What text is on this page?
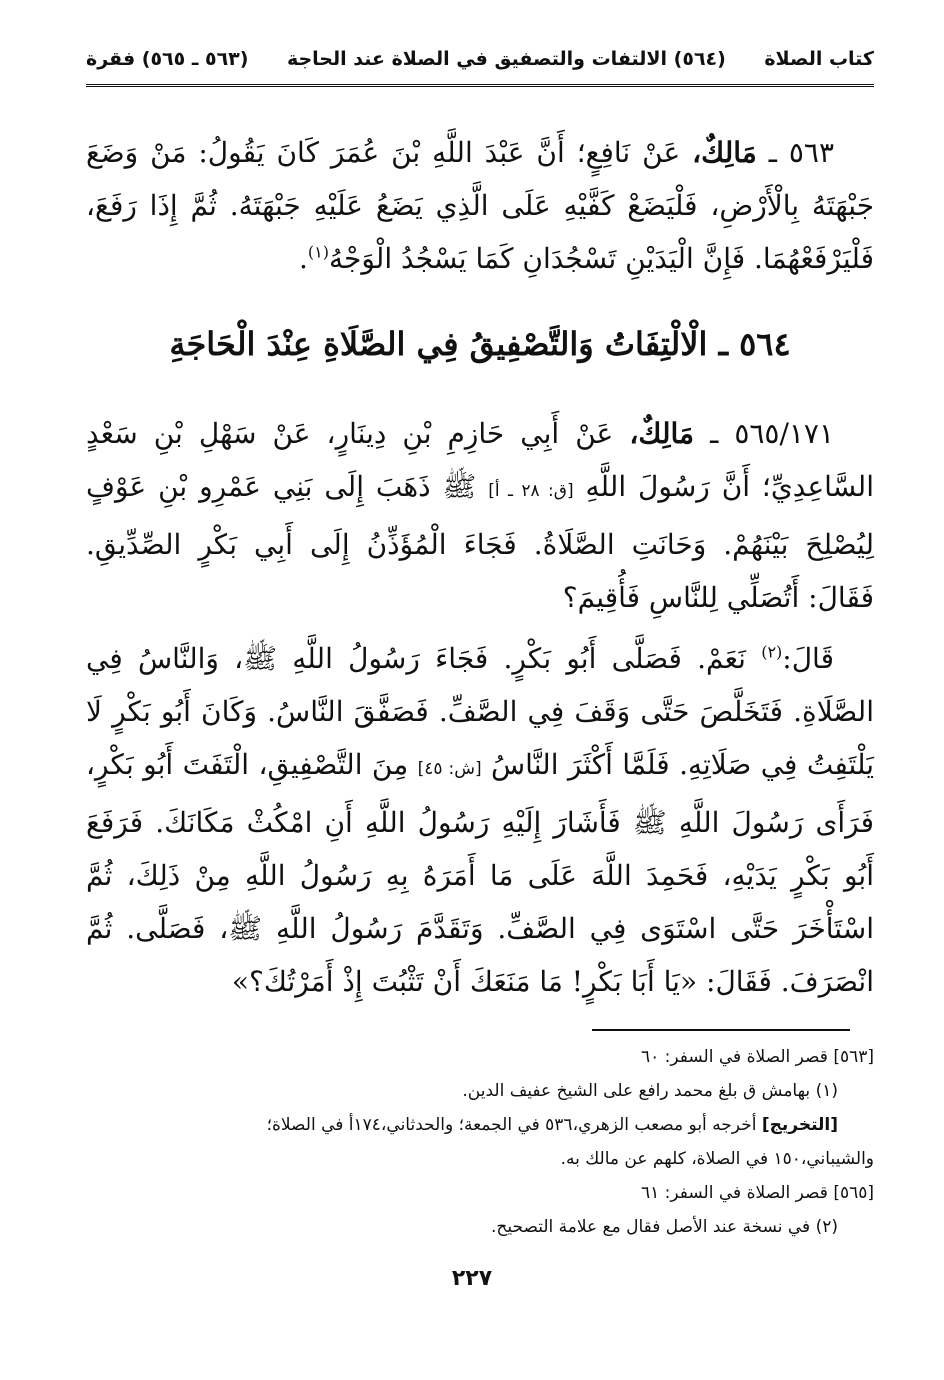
كتاب الصلاة
(٥٦٤) الالتفات والتصفيق في الصلاة عند الحاجة
(٥٦٣ ـ ٥٦٥) فقرة
٥٦٣ ـ مَالِكٌ، عَنْ نَافِعٍ؛ أَنَّ عَبْدَ اللَّهِ بْنَ عُمَرَ كَانَ يَقُولُ: مَنْ وَضَعَ جَبْهَتَهُ بِالْأَرْضِ، فَلْيَضَعْ كَفَّيْهِ عَلَى الَّذِي يَضَعُ عَلَيْهِ جَبْهَتَهُ. ثُمَّ إِذَا رَفَعَ، فَلْيَرْفَعْهُمَا. فَإِنَّ الْيَدَيْنِ تَسْجُدَانِ كَمَا يَسْجُدُ الْوَجْهُ$^{(١)}$.
٥٦٤ ـ الْالْتِفَاتُ وَالتَّصْفِيقُ فِي الصَّلَاةِ عِنْدَ الْحَاجَةِ
٥٦٥/١٧١ ـ مَالِكٌ، عَنْ أَبِي حَازِمِ بْنِ دِينَارٍ، عَنْ سَهْلِ بْنِ سَعْدٍ السَّاعِدِيِّ؛ أَنَّ رَسُولَ اللَّهِ [ق: ٢٨ ـ أ] ﷺ ذَهَبَ إِلَى بَنِي عَمْرِو بْنِ عَوْفٍ لِيُصْلِحَ بَيْنَهُمْ. وَحَانَتِ الصَّلَاةُ. فَجَاءَ الْمُؤَذِّنُ إِلَى أَبِي بَكْرٍ الصِّدِّيقِ. فَقَالَ: أَتُصَلِّي لِلنَّاسِ فَأُقِيمَ؟
قَالَ:$^{(٢)}$ نَعَمْ. فَصَلَّى أَبُو بَكْرٍ. فَجَاءَ رَسُولُ اللَّهِ ﷺ، وَالنَّاسُ فِي الصَّلَاةِ. فَتَخَلَّصَ حَتَّى وَقَفَ فِي الصَّفِّ. فَصَفَّقَ النَّاسُ. وَكَانَ أَبُو بَكْرٍ لَا يَلْتَفِتُ فِي صَلَاتِهِ. فَلَمَّا أَكْثَرَ النَّاسُ [ش: ٤٥] مِنَ التَّصْفِيقِ، الْتَفَتَ أَبُو بَكْرٍ، فَرَأَى رَسُولَ اللَّهِ ﷺ فَأَشَارَ إِلَيْهِ رَسُولُ اللَّهِ أَنِ امْكُثْ مَكَانَكَ. فَرَفَعَ أَبُو بَكْرٍ يَدَيْهِ، فَحَمِدَ اللَّهَ عَلَى مَا أَمَرَهُ بِهِ رَسُولُ اللَّهِ مِنْ ذَلِكَ، ثُمَّ اسْتَأْخَرَ حَتَّى اسْتَوَى فِي الصَّفِّ. وَتَقَدَّمَ رَسُولُ اللَّهِ ﷺ، فَصَلَّى. ثُمَّ انْصَرَفَ. فَقَالَ: «يَا أَبَا بَكْرٍ! مَا مَنَعَكَ أَنْ تَثْبُتَ إِذْ أَمَرْتُكَ؟»
[٥٦٣] قصر الصلاة في السفر: ٦٠
(١) بهامش ق بلغ محمد رافع على الشيخ عفيف الدين.
[التخريج] أخرجه أبو مصعب الزهري،٥٣٦ في الجمعة؛ والحدثاني،١٧٤أ في الصلاة؛
والشيباني،١٥٠ في الصلاة، كلهم عن مالك به.
[٥٦٥] قصر الصلاة في السفر: ٦١
(٢) في نسخة عند الأصل فقال مع علامة التصحيح.
٢٢٧
